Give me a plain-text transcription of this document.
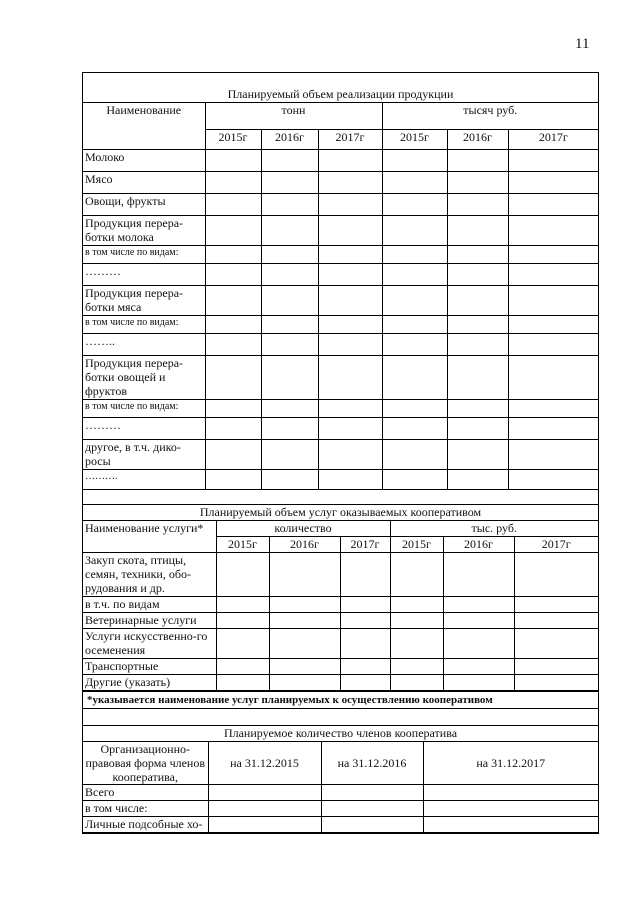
11
Планируемый объем реализации продукции
Наименование	тонн			тысяч руб.		
	2015г	2016г	2017г	2015г	2016г	2017г
Молоко						
Мясо						
Овощи, фрукты						
Продукция перера-ботки молока						
в том числе по видам:						
………						
Продукция перера-ботки мяса						
в том числе по видам:						
……..						
Продукция перера-ботки овощей и фруктов						
в том числе по видам:						
………						
другое, в т.ч. дико-росы						
……….						
Планируемый объем услуг оказываемых кооперативом
Наименование услуги*	количество			тыс. руб.		
	2015г	2016г	2017г	2015г	2016г	2017г
Закуп скота, птицы, семян, техники, обо-рудования и др.						
в т.ч. по видам						
Ветеринарные услуги						
Услуги искусственно-го осеменения						
Транспортные						
Другие (указать)						
*указывается наименование услуг планируемых к осуществлению кооперативом
Планируемое количество членов кооператива
Организационно-правовая форма членов кооператива,	на 31.12.2015	на 31.12.2016	на 31.12.2017
Всего			
в том числе:			
Личные подсобные хо-			
